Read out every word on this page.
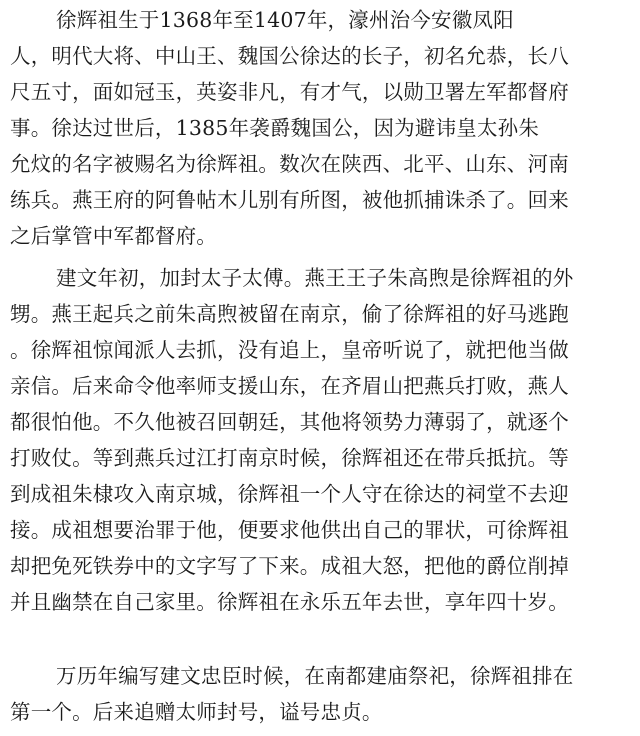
徐辉祖生于1368年至1407年，濠州治今安徽凤阳
人，明代大将、中山王、魏国公徐达的长子，初名允恭，长八
尺五寸，面如冠玉，英姿非凡，有才气，以勋卫署左军都督府
事。徐达过世后，1385年袭爵魏国公，因为避讳皇太孙朱
允炆的名字被赐名为徐辉祖。数次在陕西、北平、山东、河南
练兵。燕王府的阿鲁帖木儿别有所图，被他抓捕诛杀了。回来
之后掌管中军都督府。
建文年初，加封太子太傅。燕王王子朱高煦是徐辉祖的外
甥。燕王起兵之前朱高煦被留在南京，偷了徐辉祖的好马逃跑
。徐辉祖惊闻派人去抓，没有追上，皇帝听说了，就把他当做
亲信。后来命令他率师支援山东，在齐眉山把燕兵打败，燕人
都很怕他。不久他被召回朝廷，其他将领势力薄弱了，就逐个
打败仗。等到燕兵过江打南京时候，徐辉祖还在带兵抵抗。等
到成祖朱棣攻入南京城，徐辉祖一个人守在徐达的祠堂不去迎
接。成祖想要治罪于他，便要求他供出自己的罪状，可徐辉祖
却把免死铁券中的文字写了下来。成祖大怒，把他的爵位削掉
并且幽禁在自己家里。徐辉祖在永乐五年去世，享年四十岁。
万历年编写建文忠臣时候，在南都建庙祭祀，徐辉祖排在
第一个。后来追赠太师封号，谥号忠贞。
